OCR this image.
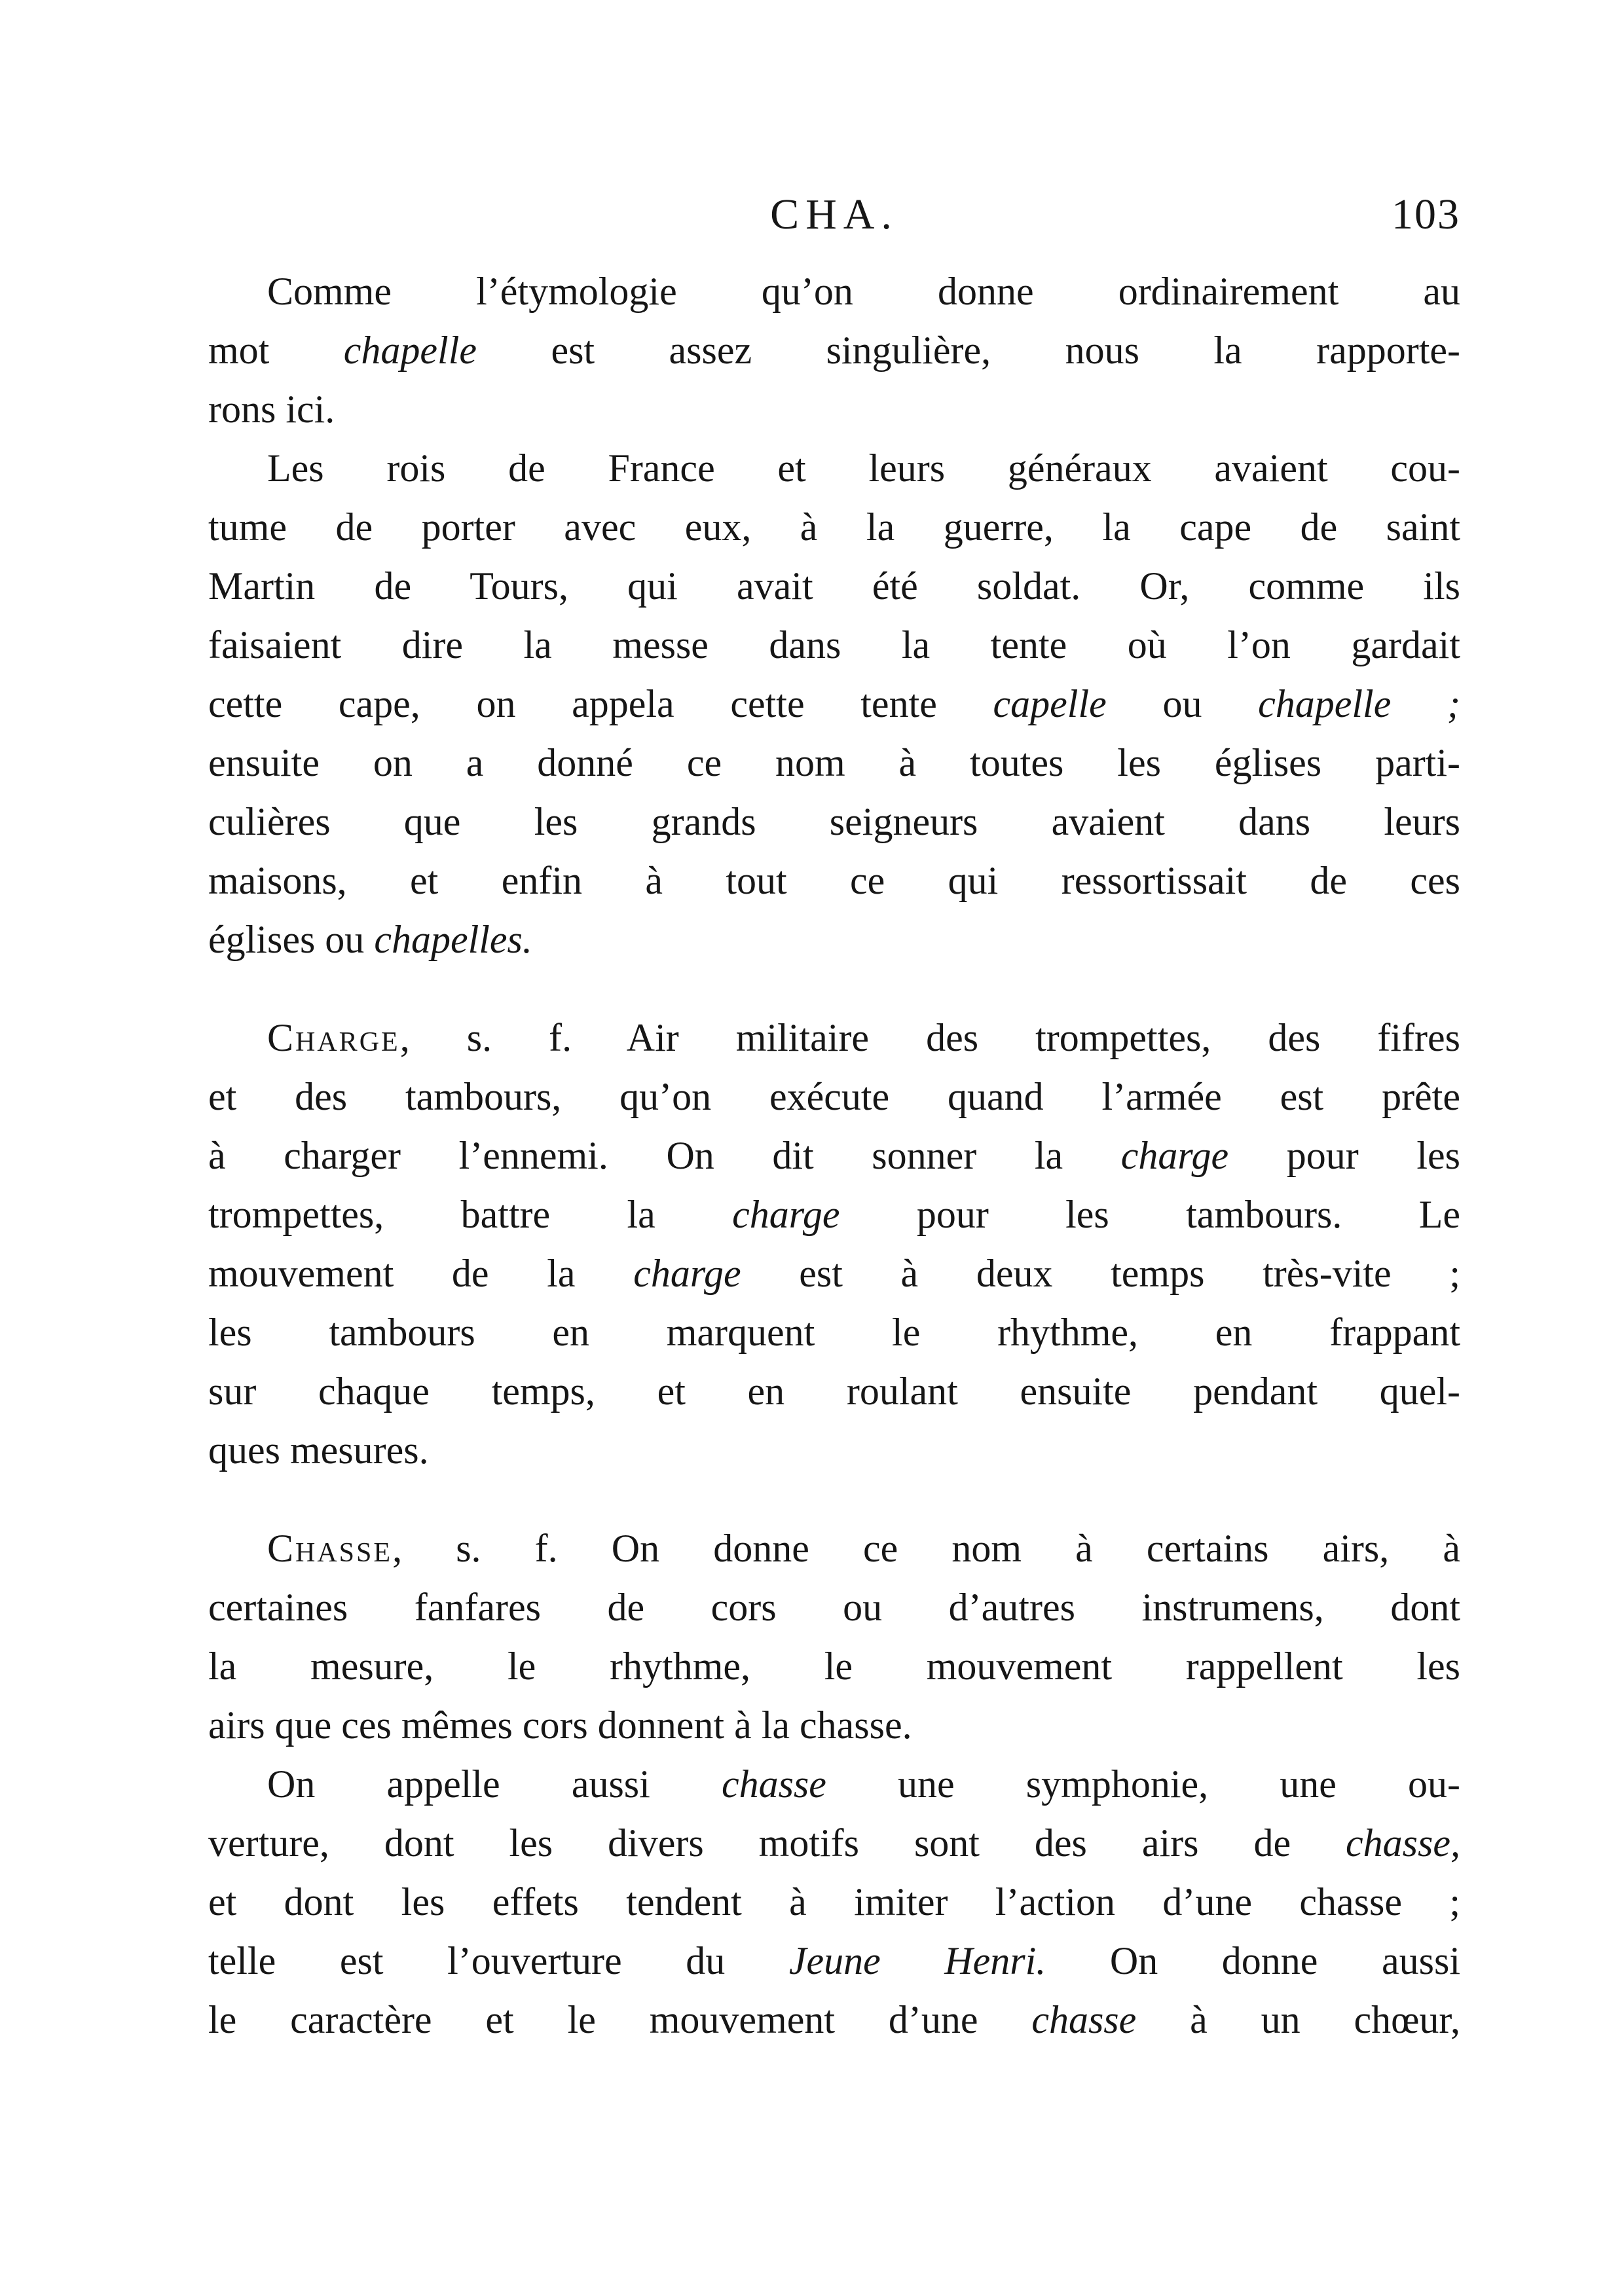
CHA.	103

Comme l’étymologie qu’on donne ordinairement au
mot chapelle est assez singulière, nous la rapporte-
rons ici.

Les rois de France et leurs généraux avaient cou-
tume de porter avec eux, à la guerre, la cape de saint
Martin de Tours, qui avait été soldat. Or, comme ils
faisaient dire la messe dans la tente où l’on gardait
cette cape, on appela cette tente capelle ou chapelle ;
ensuite on a donné ce nom à toutes les églises parti-
culières que les grands seigneurs avaient dans leurs
maisons, et enfin à tout ce qui ressortissait de ces
églises ou chapelles.

Charge, s. f. Air militaire des trompettes, des fifres
et des tambours, qu’on exécute quand l’armée est prête
à charger l’ennemi. On dit sonner la charge pour les
trompettes, battre la charge pour les tambours. Le
mouvement de la charge est à deux temps très-vite ;
les tambours en marquent le rhythme, en frappant
sur chaque temps, et en roulant ensuite pendant quel-
ques mesures.

Chasse, s. f. On donne ce nom à certains airs, à
certaines fanfares de cors ou d’autres instrumens, dont
la mesure, le rhythme, le mouvement rappellent les
airs que ces mêmes cors donnent à la chasse.

On appelle aussi chasse une symphonie, une ou-
verture, dont les divers motifs sont des airs de chasse,
et dont les effets tendent à imiter l’action d’une chasse ;
telle est l’ouverture du Jeune Henri. On donne aussi
le caractère et le mouvement d’une chasse à un chœur,
